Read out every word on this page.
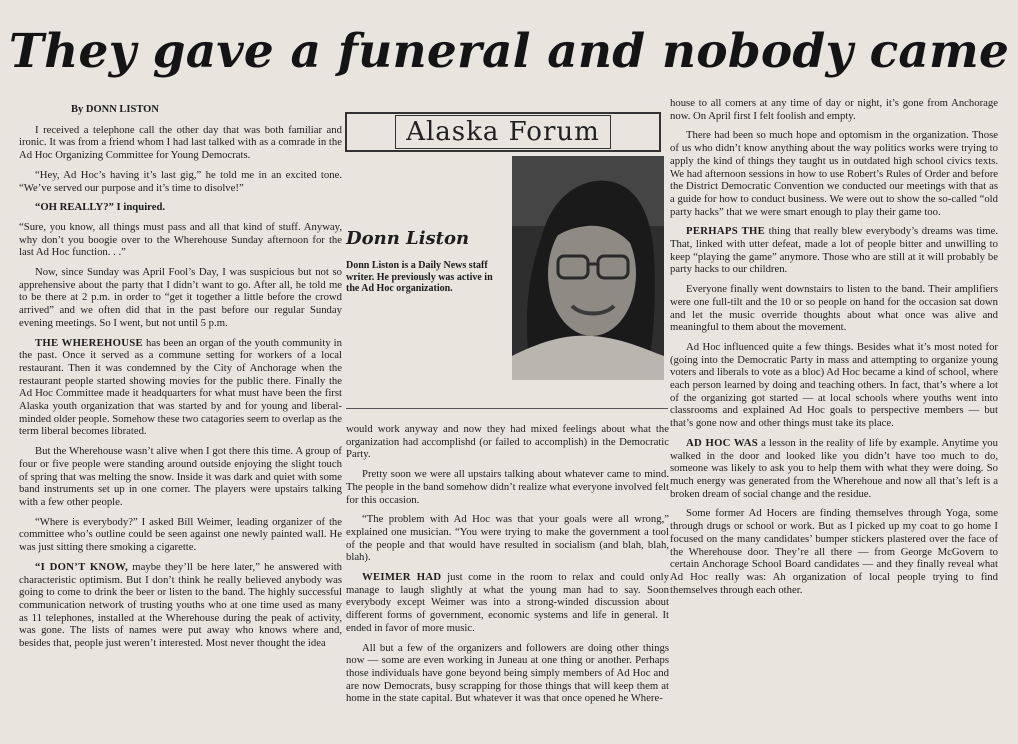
They gave a funeral and nobody came

By DONN LISTON

I received a telephone call the other day that was both familiar and ironic. It was from a friend whom I had last talked with as a comrade in the Ad Hoc Organizing Committee for Young Democrats.

“Hey, Ad Hoc’s having it’s last gig,” he told me in an excited tone. “We’ve served our purpose and it’s time to disolve!”

“OH REALLY?” I inquired.

“Sure, you know, all things must pass and all that kind of stuff. Anyway, why don’t you boogie over to the Wherehouse Sunday afternoon for the last Ad Hoc function. . .”

Now, since Sunday was April Fool’s Day, I was suspicious but not so apprehensive about the party that I didn’t want to go. After all, he told me to be there at 2 p.m. in order to “get it together a little before the crowd arrived” and we often did that in the past before our regular Sunday evening meetings. So I went, but not until 5 p.m.

THE WHEREHOUSE has been an organ of the youth community in the past. Once it served as a commune setting for workers of a local restaurant. Then it was condemned by the City of Anchorage when the restaurant people started showing movies for the public there. Finally the Ad Hoc Committee made it headquarters for what must have been the first Alaska youth organization that was started by and for young and liberal-minded older people. Somehow these two catagories seem to overlap as the term liberal becomes librated.

But the Wherehouse wasn’t alive when I got there this time. A group of four or five people were standing around outside enjoying the slight touch of spring that was melting the snow. Inside it was dark and quiet with some band instruments set up in one corner. The players were upstairs talking with a few other people.

“Where is everybody?” I asked Bill Weimer, leading organizer of the committee who’s outline could be seen against one newly painted wall. He was just sitting there smoking a cigarette.

“I DON’T KNOW, maybe they’ll be here later,” he answered with characteristic optimism. But I don’t think he really believed anybody was going to come to drink the beer or listen to the band. The highly successful communication network of trusting youths who at one time used as many as 11 telephones, installed at the Wherehouse during the peak of activity, was gone. The lists of names were put away who knows where and, besides that, people just weren’t interested. Most never thought the idea

Alaska Forum
Donn Liston
Donn Liston is a Daily News staff writer. He previously was active in the Ad Hoc organization.

would work anyway and now they had mixed feelings about what the organization had accomplishd (or failed to accomplish) in the Democratic Party.

Pretty soon we were all upstairs talking about whatever came to mind. The people in the band somehow didn’t realize what everyone involved felt for this occasion.

“The problem with Ad Hoc was that your goals were all wrong,” explained one musician. “You were trying to make the government a tool of the people and that would have resulted in socialism (and blah, blah, blah).

WEIMER HAD just come in the room to relax and could only manage to laugh slightly at what the young man had to say. Soon everybody except Weimer was into a strong-winded discussion about different forms of government, economic systems and life in general. It ended in favor of more music.

All but a few of the organizers and followers are doing other things now — some are even working in Juneau at one thing or another. Perhaps those individuals have gone beyond being simply members of Ad Hoc and are now Democrats, busy scrapping for those things that will keep them at home in the state capital. But whatever it was that once opened he Where-

house to all comers at any time of day or night, it’s gone from Anchorage now. On April first I felt foolish and empty.

There had been so much hope and optomism in the organization. Those of us who didn’t know anything about the way politics works were trying to apply the kind of things they taught us in outdated high school civics texts. We had afternoon sessions in how to use Robert’s Rules of Order and before the District Democratic Convention we conducted our meetings with that as a guide for how to conduct business. We were out to show the so-called “old party hacks” that we were smart enough to play their game too.

PERHAPS THE thing that really blew everybody’s dreams was time. That, linked with utter defeat, made a lot of people bitter and unwilling to keep “playing the game” anymore. Those who are still at it will probably be party hacks to our children.

Everyone finally went downstairs to listen to the band. Their amplifiers were one full-tilt and the 10 or so people on hand for the occasion sat down and let the music override thoughts about what once was alive and meaningful to them about the movement.

Ad Hoc influenced quite a few things. Besides what it’s most noted for (going into the Democratic Party in mass and attempting to organize young voters and liberals to vote as a bloc) Ad Hoc became a kind of school, where each person learned by doing and teaching others. In fact, that’s where a lot of the organizing got started — at local schools where youths went into classrooms and explained Ad Hoc goals to perspective members — but that’s gone now and other things must take its place.

AD HOC WAS a lesson in the reality of life by example. Anytime you walked in the door and looked like you didn’t have too much to do, someone was likely to ask you to help them with what they were doing. So much energy was generated from the Wherehoue and now all that’s left is a broken dream of social change and the residue.

Some former Ad Hocers are finding themselves through Yoga, some through drugs or school or work. But as I picked up my coat to go home I focused on the many candidates’ bumper stickers plastered over the face of the Wherehouse door. They’re all there — from George McGovern to certain Anchorage School Board candidates — and they finally reveal what Ad Hoc really was: Ah organization of local people trying to find themselves through each other.
